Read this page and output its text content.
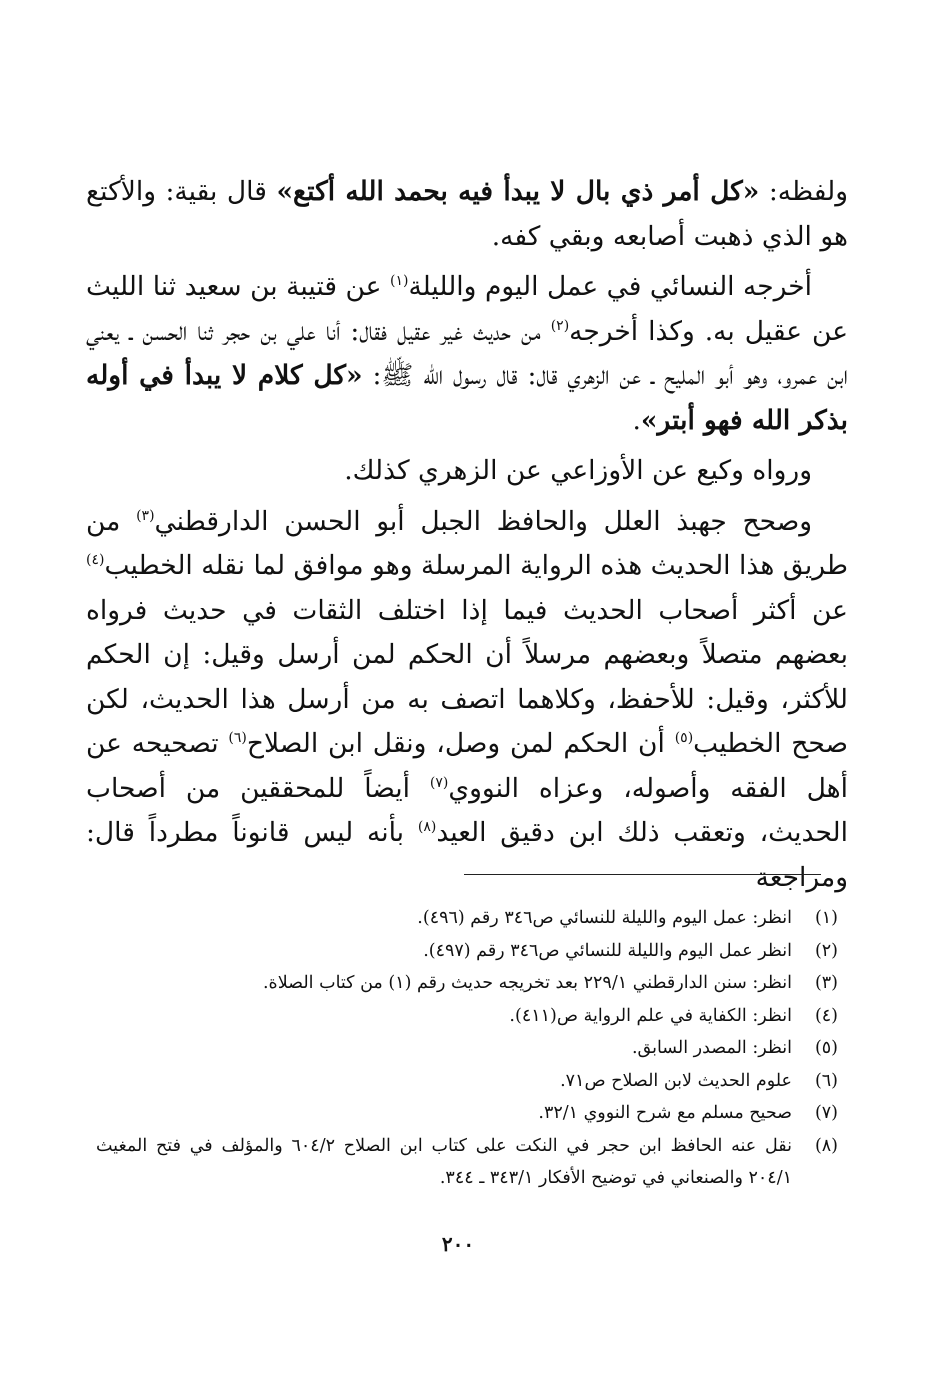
ولفظه: «كل أمر ذي بال لا يبدأ فيه بحمد الله أكتع» قال بقية: والأكتع هو الذي ذهبت أصابعه وبقي كفه.

أخرجه النسائي في عمل اليوم والليلة$^{(١)}$ عن قتيبة بن سعيد ثنا الليث عن عقيل به. وكذا أخرجه$^{(٢)}$ من حديث غير عقيل فقال: أنا علي بن حجر ثنا الحسن ـ يعني ابن عمرو، وهو أبو المليح ـ عن الزهري قال: قال رسول الله ﷺ: «كل كلام لا يبدأ في أوله بذكر الله فهو أبتر».

ورواه وكيع عن الأوزاعي عن الزهري كذلك.

وصحح جهبذ العلل والحافظ الجبل أبو الحسن الدارقطني$^{(٣)}$ من طريق هذا الحديث هذه الرواية المرسلة وهو موافق لما نقله الخطيب$^{(٤)}$ عن أكثر أصحاب الحديث فيما إذا اختلف الثقات في حديث فرواه بعضهم متصلاً وبعضهم مرسلاً أن الحكم لمن أرسل وقيل: إن الحكم للأكثر، وقيل: للأحفظ، وكلاهما اتصف به من أرسل هذا الحديث، لكن صحح الخطيب$^{(٥)}$ أن الحكم لمن وصل، ونقل ابن الصلاح$^{(٦)}$ تصحيحه عن أهل الفقه وأصوله، وعزاه النووي$^{(٧)}$ أيضاً للمحققين من أصحاب الحديث، وتعقب ذلك ابن دقيق العيد$^{(٨)}$ بأنه ليس قانوناً مطرداً قال: ومراجعة

(١)
انظر: عمل اليوم والليلة للنسائي ص٣٤٦ رقم (٤٩٦).
(٢)
انظر عمل اليوم والليلة للنسائي ص٣٤٦ رقم (٤٩٧).
(٣)
انظر: سنن الدارقطني ٢٢٩/١ بعد تخريجه حديث رقم (١) من كتاب الصلاة.
(٤)
انظر: الكفاية في علم الرواية ص(٤١١).
(٥)
انظر: المصدر السابق.
(٦)
علوم الحديث لابن الصلاح ص٧١.
(٧)
صحيح مسلم مع شرح النووي ٣٢/١.
(٨)
نقل عنه الحافظ ابن حجر في النكت على كتاب ابن الصلاح ٦٠٤/٢ والمؤلف في فتح المغيث ٢٠٤/١ والصنعاني في توضيح الأفكار ٣٤٣/١ ـ ٣٤٤.
٢٠٠
